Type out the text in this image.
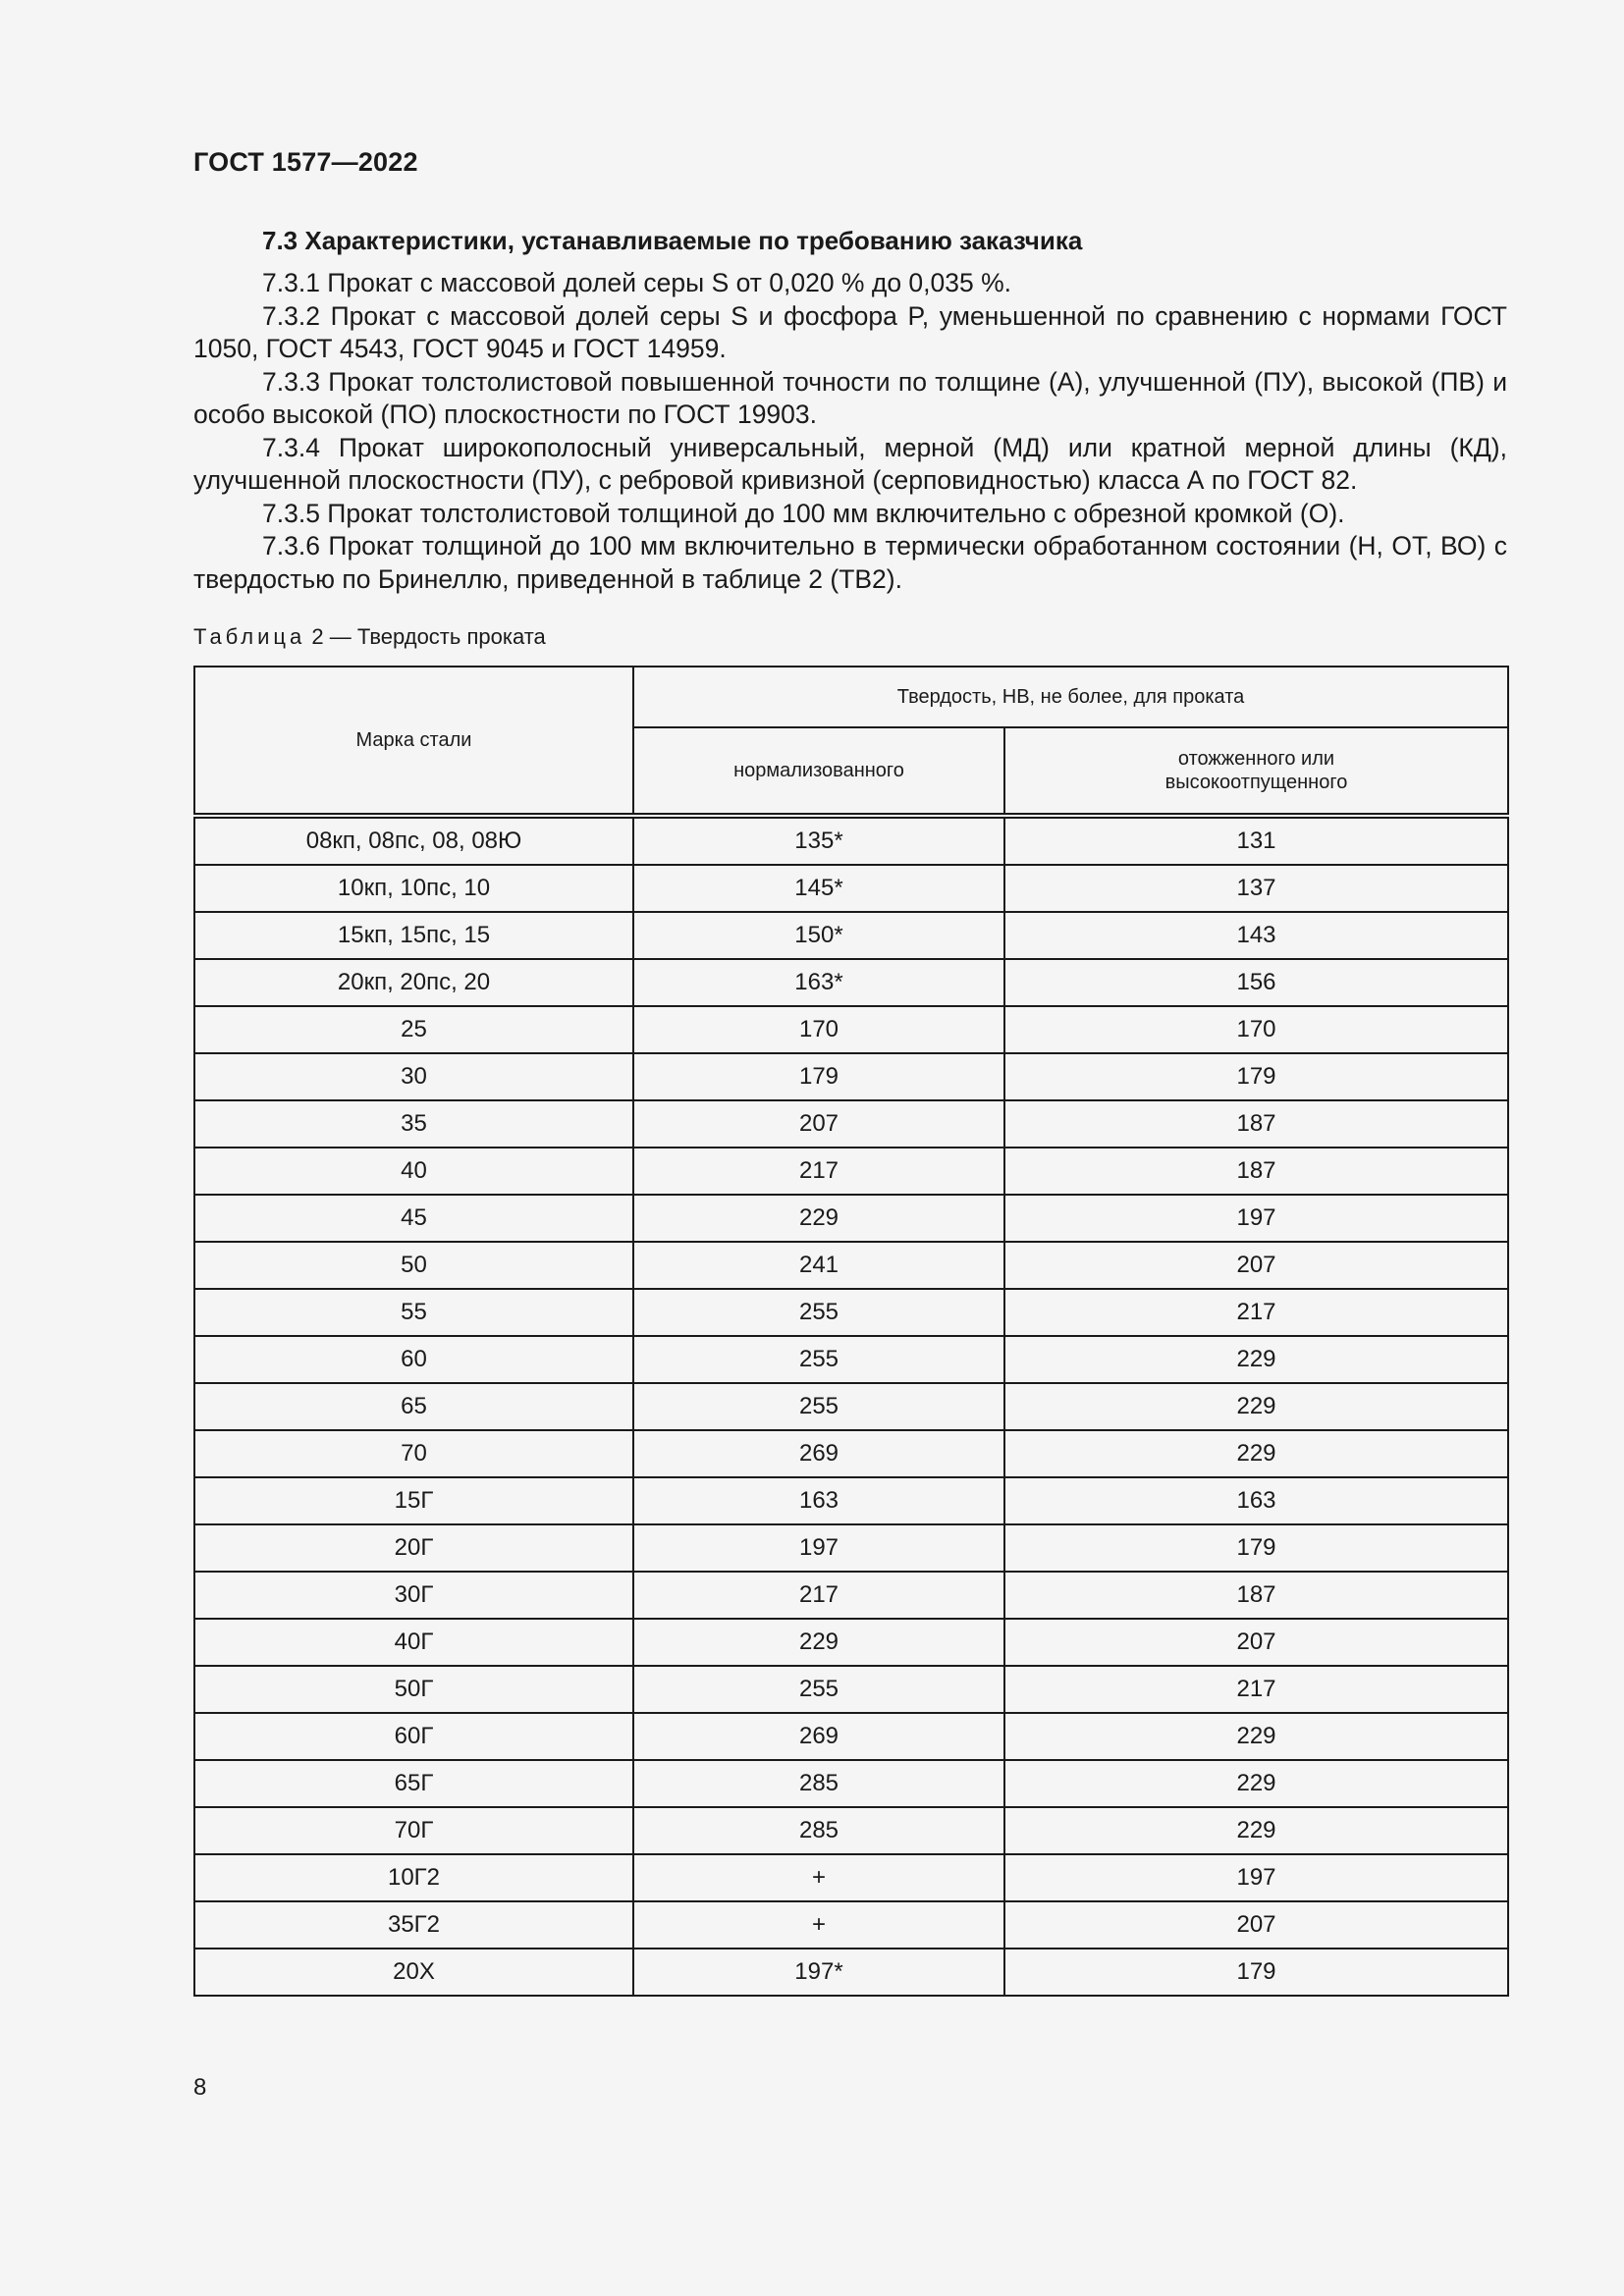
ГОСТ 1577—2022
7.3 Характеристики, устанавливаемые по требованию заказчика

7.3.1 Прокат с массовой долей серы S от 0,020 % до 0,035 %.

7.3.2 Прокат с массовой долей серы S и фосфора P, уменьшенной по сравнению с нормами ГОСТ 1050, ГОСТ 4543, ГОСТ 9045 и ГОСТ 14959.

7.3.3 Прокат толстолистовой повышенной точности по толщине (А), улучшенной (ПУ), высокой (ПВ) и особо высокой (ПО) плоскостности по ГОСТ 19903.

7.3.4 Прокат широкополосный универсальный, мерной (МД) или кратной мерной длины (КД), улучшенной плоскостности (ПУ), с ребровой кривизной (серповидностью) класса А по ГОСТ 82.

7.3.5 Прокат толстолистовой толщиной до 100 мм включительно с обрезной кромкой (О).

7.3.6 Прокат толщиной до 100 мм включительно в термически обработанном состоянии (Н, ОТ, ВО) с твердостью по Бринеллю, приведенной в таблице 2 (ТВ2).

Таблица 2 — Твердость проката
Марка стали	Твердость, НВ, не более, для проката	
	нормализованного	отожженного или высокоотпущенного
08кп, 08пс, 08, 08Ю	135*	131
10кп, 10пс, 10	145*	137
15кп, 15пс, 15	150*	143
20кп, 20пс, 20	163*	156
25	170	170
30	179	179
35	207	187
40	217	187
45	229	197
50	241	207
55	255	217
60	255	229
65	255	229
70	269	229
15Г	163	163
20Г	197	179
30Г	217	187
40Г	229	207
50Г	255	217
60Г	269	229
65Г	285	229
70Г	285	229
10Г2	+	197
35Г2	+	207
20Х	197*	179
8
